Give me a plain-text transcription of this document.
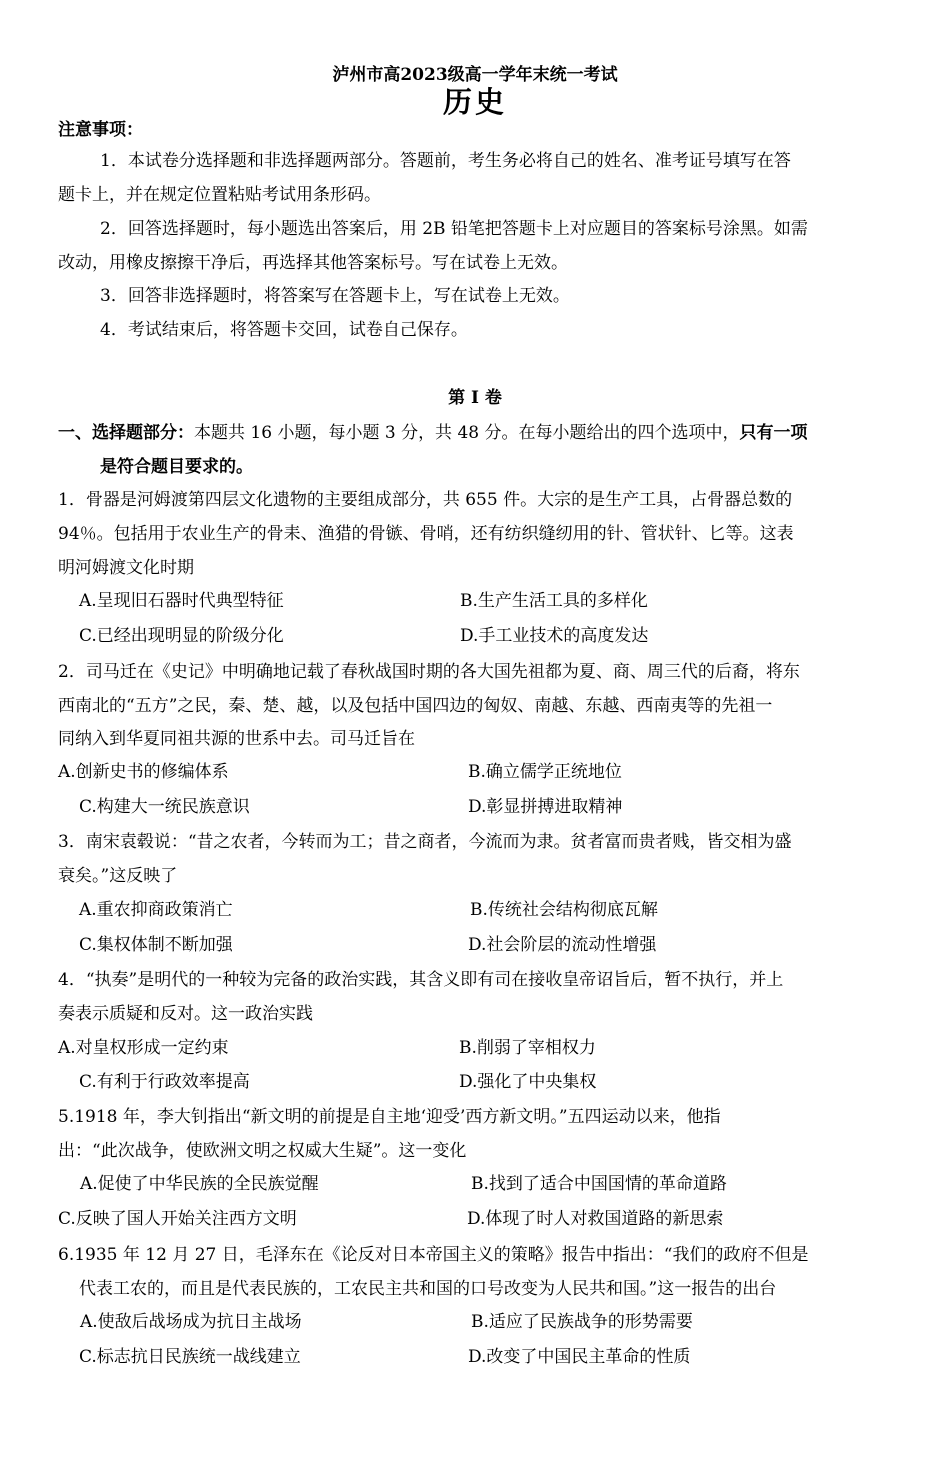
泸州市高2023级高一学年末统一考试
历史
注意事项：
1．本试卷分选择题和非选择题两部分。答题前，考生务必将自己的姓名、准考证号填写在答
题卡上，并在规定位置粘贴考试用条形码。
2．回答选择题时，每小题选出答案后，用 2B 铅笔把答题卡上对应题目的答案标号涂黑。如需
改动，用橡皮擦擦干净后，再选择其他答案标号。写在试卷上无效。
3．回答非选择题时，将答案写在答题卡上，写在试卷上无效。
4．考试结束后，将答题卡交回，试卷自己保存。
第 I 卷
一、选择题部分：本题共 16 小题，每小题 3 分，共 48 分。在每小题给出的四个选项中，只有一项
是符合题目要求的。
1．骨器是河姆渡第四层文化遗物的主要组成部分，共 655 件。大宗的是生产工具，占骨器总数的
94％。包括用于农业生产的骨耒、渔猎的骨镞、骨哨，还有纺织缝纫用的针、管状针、匕等。这表
明河姆渡文化时期
A.呈现旧石器时代典型特征	B.生产生活工具的多样化
C.已经出现明显的阶级分化	D.手工业技术的高度发达
2．司马迁在《史记》中明确地记载了春秋战国时期的各大国先祖都为夏、商、周三代的后裔，将东
西南北的“五方”之民，秦、楚、越，以及包括中国四边的匈奴、南越、东越、西南夷等的先祖一
同纳入到华夏同祖共源的世系中去。司马迁旨在
A.创新史书的修编体系	B.确立儒学正统地位
C.构建大一统民族意识	D.彰显拼搏进取精神
3．南宋袁毂说：“昔之农者，今转而为工；昔之商者，今流而为隶。贫者富而贵者贱，皆交相为盛
衰矣。”这反映了
A.重农抑商政策消亡	B.传统社会结构彻底瓦解
C.集权体制不断加强	D.社会阶层的流动性增强
4．“执奏”是明代的一种较为完备的政治实践，其含义即有司在接收皇帝诏旨后，暂不执行，并上
奏表示质疑和反对。这一政治实践
A.对皇权形成一定约束	B.削弱了宰相权力
C.有利于行政效率提高	D.强化了中央集权
5.1918 年，李大钊指出“新文明的前提是自主地‘迎受’西方新文明。”五四运动以来，他指
出：“此次战争，使欧洲文明之权威大生疑”。这一变化
A.促使了中华民族的全民族觉醒	B.找到了适合中国国情的革命道路
C.反映了国人开始关注西方文明	D.体现了时人对救国道路的新思索
6.1935 年 12 月 27 日，毛泽东在《论反对日本帝国主义的策略》报告中指出：“我们的政府不但是
代表工农的，而且是代表民族的，工农民主共和国的口号改变为人民共和国。”这一报告的出台
A.使敌后战场成为抗日主战场	B.适应了民族战争的形势需要
C.标志抗日民族统一战线建立	D.改变了中国民主革命的性质
